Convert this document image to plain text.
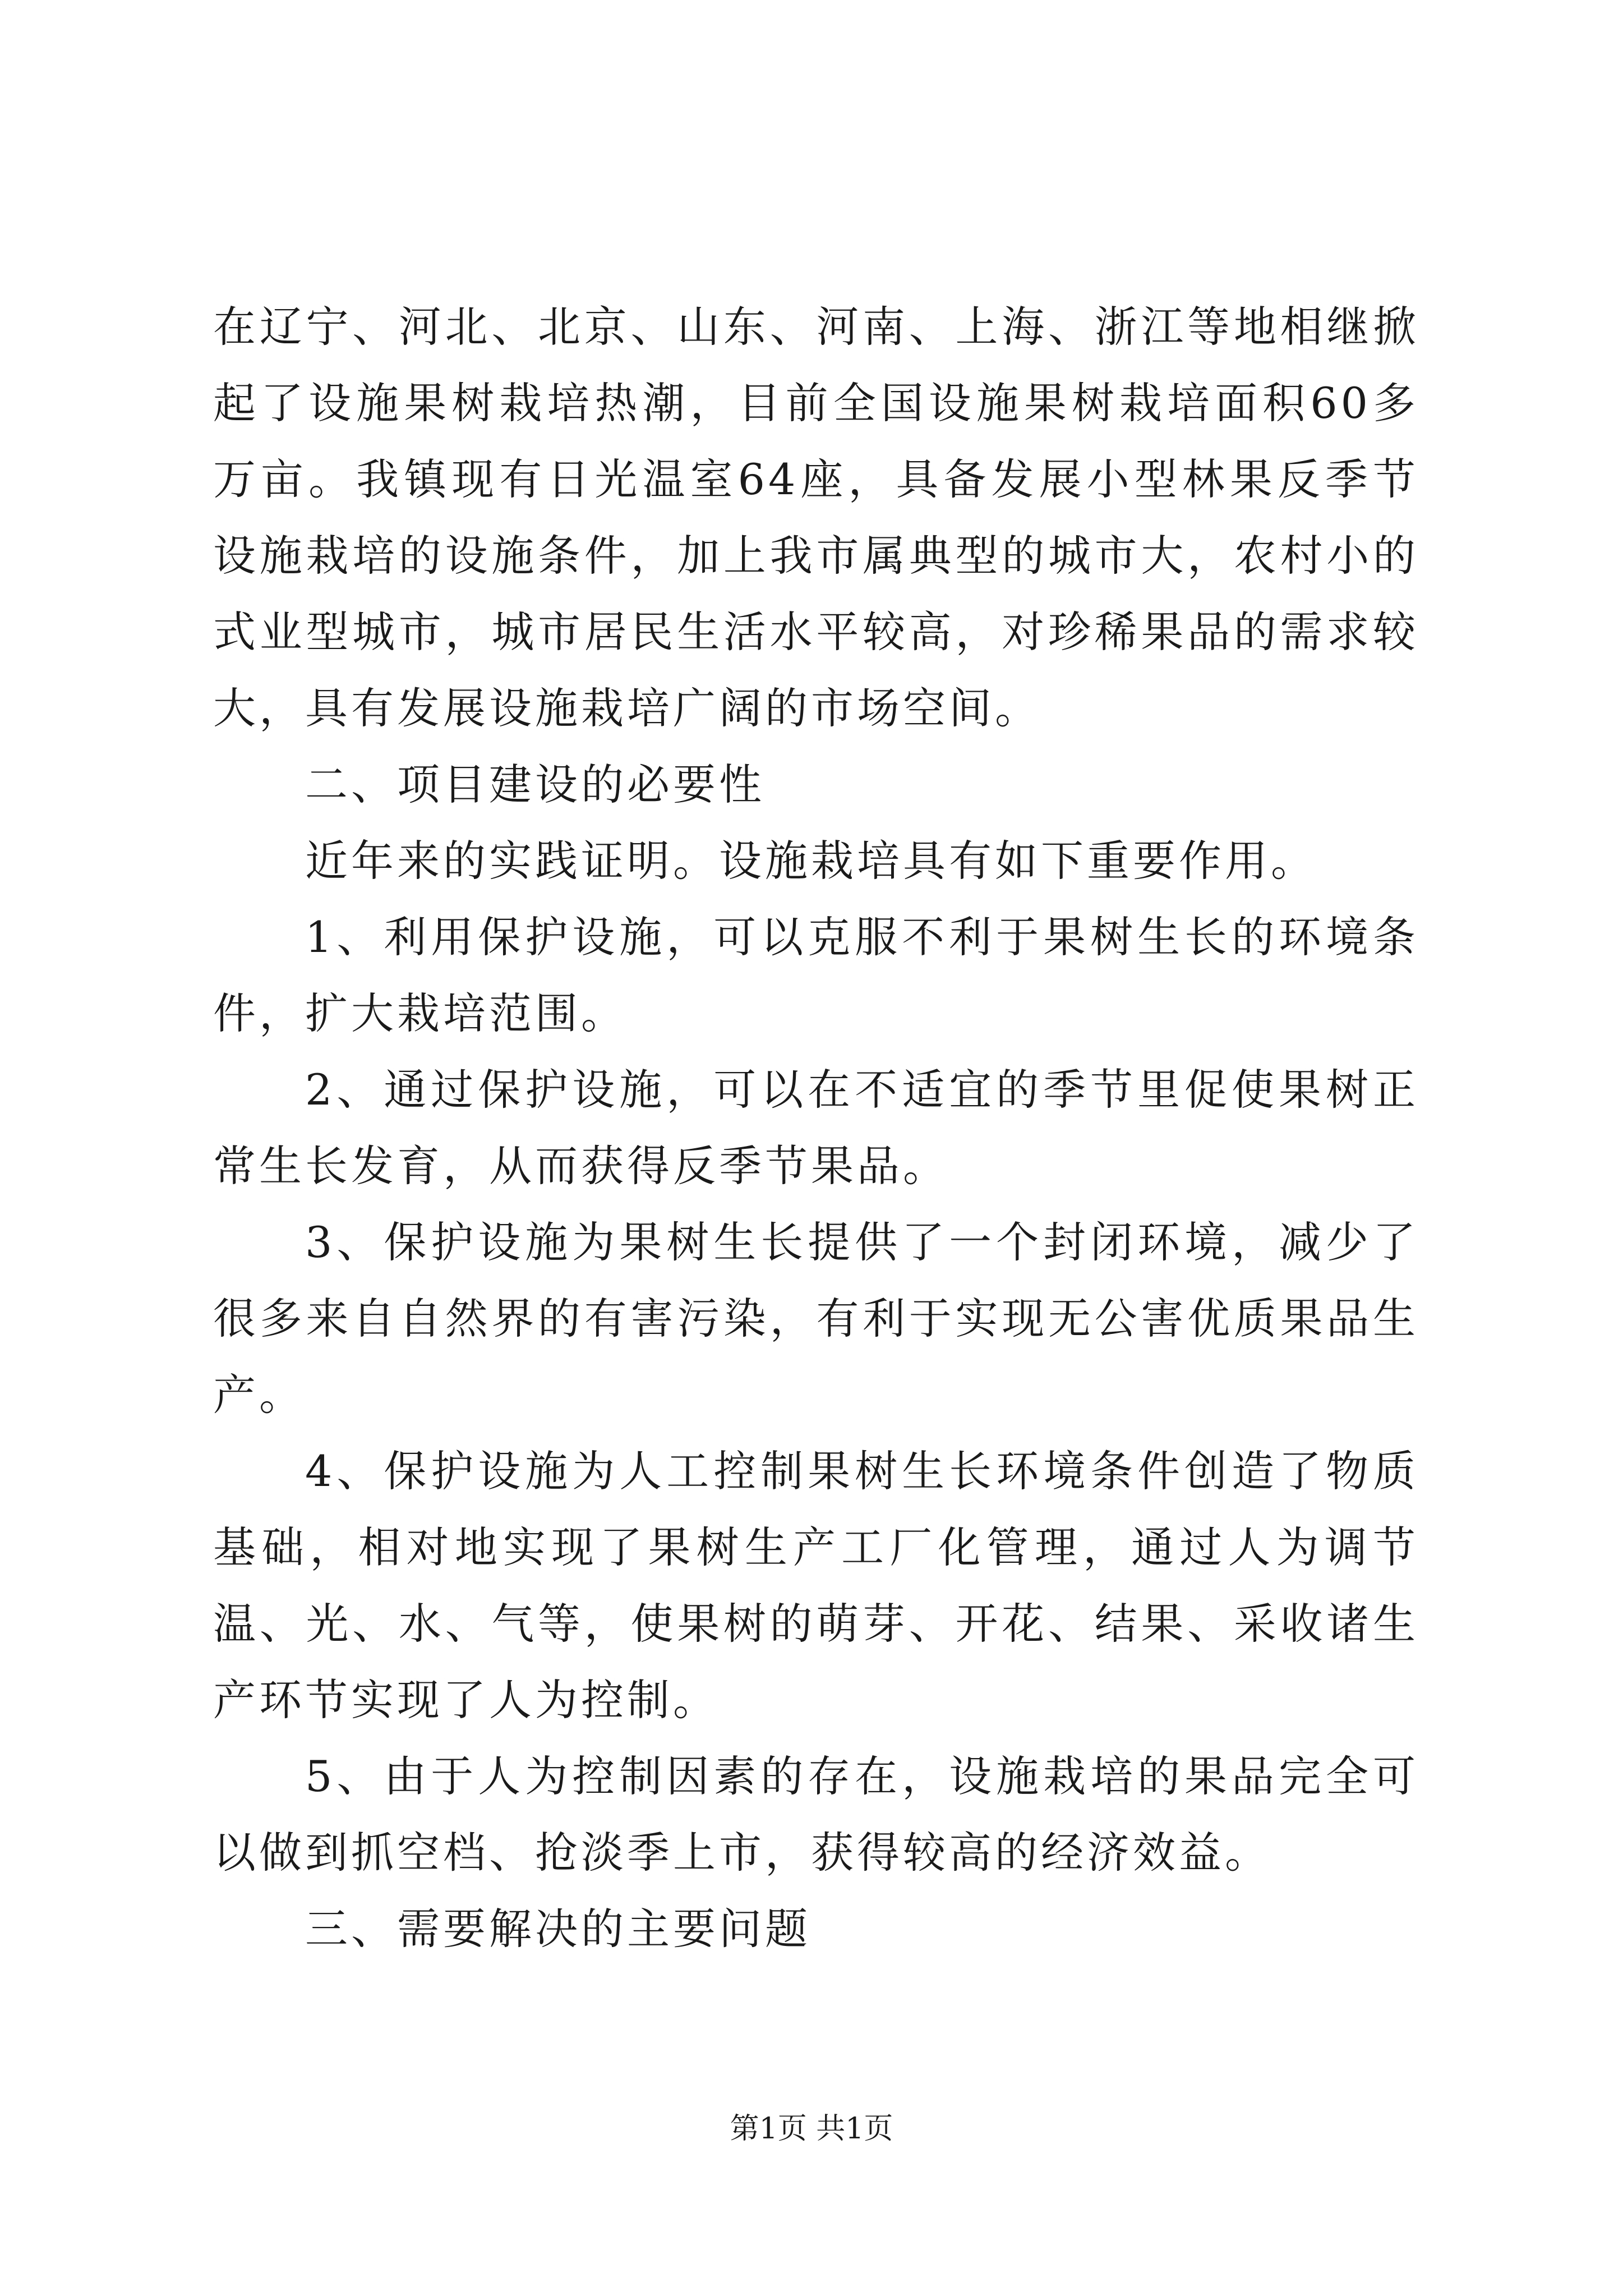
在辽宁、河北、北京、山东、河南、上海、浙江等地相继掀起了设施果树栽培热潮，目前全国设施果树栽培面积60多万亩。我镇现有日光温室64座，具备发展小型林果反季节设施栽培的设施条件，加上我市属典型的城市大，农村小的式业型城市，城市居民生活水平较高，对珍稀果品的需求较大，具有发展设施栽培广阔的市场空间。

二、项目建设的必要性

近年来的实践证明。设施栽培具有如下重要作用。

1、利用保护设施，可以克服不利于果树生长的环境条件，扩大栽培范围。

2、通过保护设施，可以在不适宜的季节里促使果树正常生长发育，从而获得反季节果品。

3、保护设施为果树生长提供了一个封闭环境，减少了很多来自自然界的有害污染，有利于实现无公害优质果品生产。

4、保护设施为人工控制果树生长环境条件创造了物质基础，相对地实现了果树生产工厂化管理，通过人为调节温、光、水、气等，使果树的萌芽、开花、结果、采收诸生产环节实现了人为控制。

5、由于人为控制因素的存在，设施栽培的果品完全可以做到抓空档、抢淡季上市，获得较高的经济效益。

三、需要解决的主要问题

第1页 共1页
